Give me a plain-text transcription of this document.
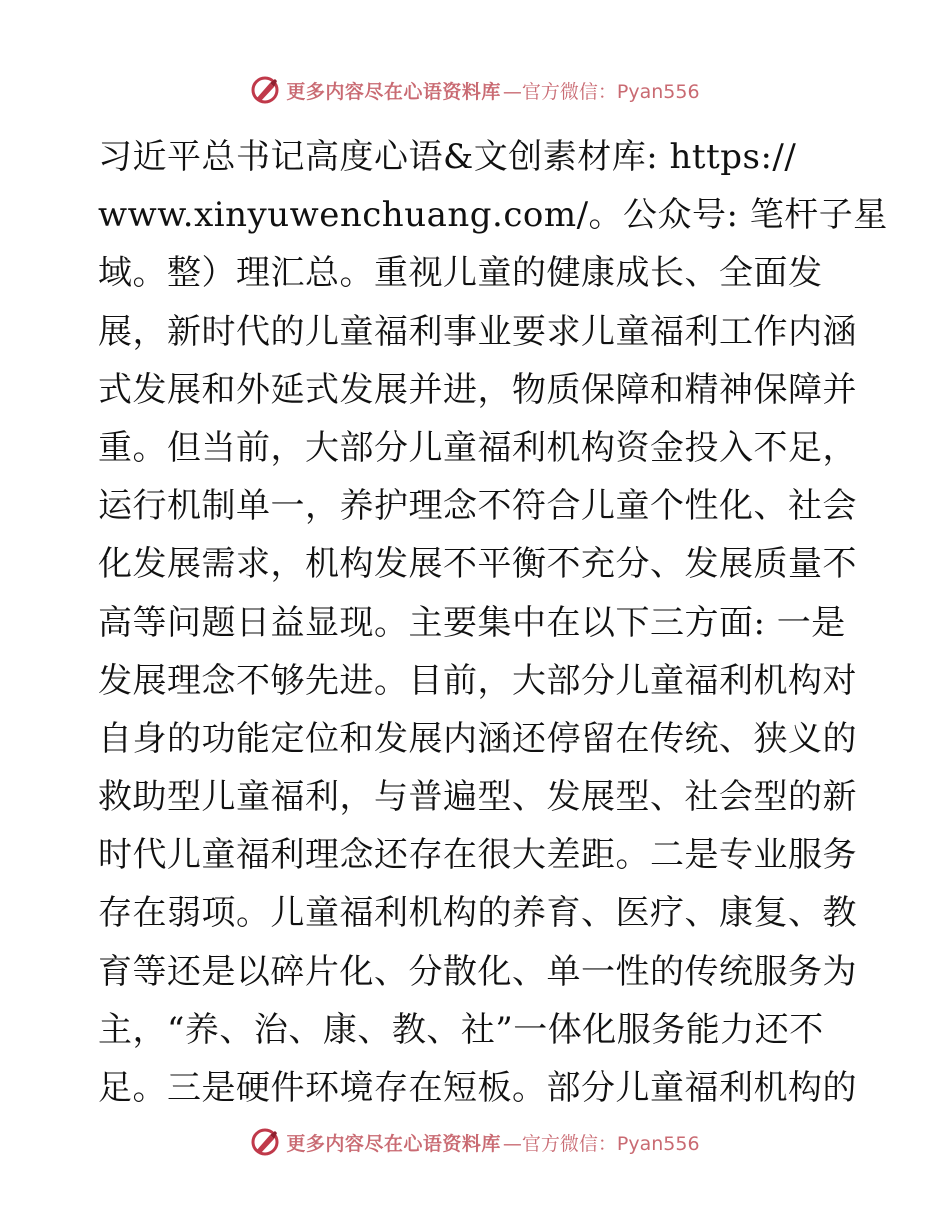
更多内容尽在心语资料库 —官方微信：Pyan556
习近平总书记高度心语&文创素材库: https://
www.xinyuwenchuang.com/。公众号: 笔杆子星
域。整）理汇总。重视儿童的健康成长、全面发
展，新时代的儿童福利事业要求儿童福利工作内涵
式发展和外延式发展并进，物质保障和精神保障并
重。但当前，大部分儿童福利机构资金投入不足，
运行机制单一，养护理念不符合儿童个性化、社会
化发展需求，机构发展不平衡不充分、发展质量不
高等问题日益显现。主要集中在以下三方面: 一是
发展理念不够先进。目前，大部分儿童福利机构对
自身的功能定位和发展内涵还停留在传统、狭义的
救助型儿童福利，与普遍型、发展型、社会型的新
时代儿童福利理念还存在很大差距。二是专业服务
存在弱项。儿童福利机构的养育、医疗、康复、教
育等还是以碎片化、分散化、单一性的传统服务为
主，“养、治、康、教、社”一体化服务能力还不
足。三是硬件环境存在短板。部分儿童福利机构的
更多内容尽在心语资料库 —官方微信：Pyan556
